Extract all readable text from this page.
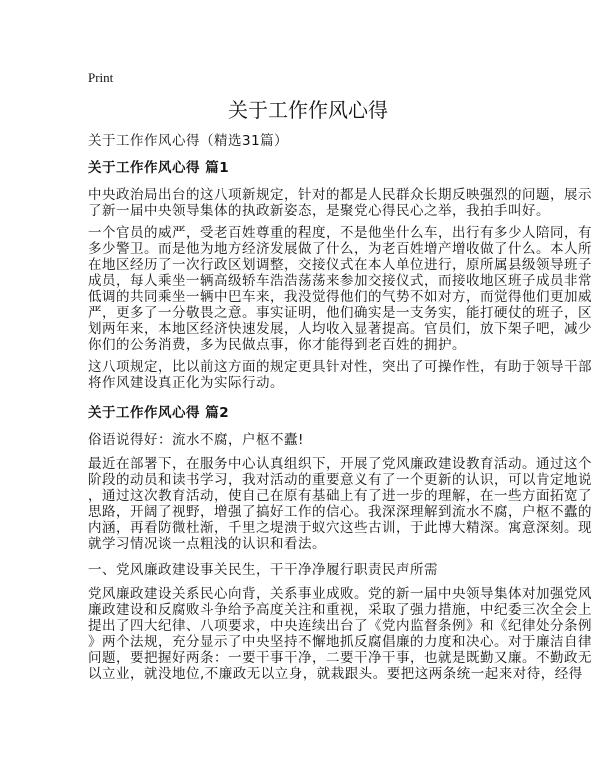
Print
关于工作作风心得
关于工作作风心得（精选31篇）
关于工作作风心得 篇1
中央政治局出台的这八项新规定，针对的都是人民群众长期反映强烈的问题，展示
了新一届中央领导集体的执政新姿态，是聚党心得民心之举，我拍手叫好。
一个官员的威严，受老百姓尊重的程度，不是他坐什么车，出行有多少人陪同，有
多少警卫。而是他为地方经济发展做了什么，为老百姓增产增收做了什么。本人所
在地区经历了一次行政区划调整，交接仪式在本人单位进行，原所属县级领导班子
成员，每人乘坐一辆高级轿车浩浩荡荡来参加交接仪式，而接收地区班子成员非常
低调的共同乘坐一辆中巴车来，我没觉得他们的气势不如对方，而觉得他们更加威
严，更多了一分敬畏之意。事实证明，他们确实是一支务实，能打硬仗的班子，区
划两年来，本地区经济快速发展，人均收入显著提高。官员们，放下架子吧，减少
你们的公务消费，多为民做点事，你才能得到老百姓的拥护。
这八项规定，比以前这方面的规定更具针对性，突出了可操作性，有助于领导干部
将作风建设真正化为实际行动。
关于工作作风心得 篇2
俗语说得好：流水不腐，户枢不蠹!
最近在部署下，在服务中心认真组织下，开展了党风廉政建设教育活动。通过这个
阶段的动员和读书学习，我对活动的重要意义有了一个更新的认识，可以肯定地说
，通过这次教育活动，使自己在原有基础上有了进一步的理解，在一些方面拓宽了
思路，开阔了视野，增强了搞好工作的信心。我深深理解到流水不腐，户枢不蠹的
内涵，再看防微杜渐，千里之堤溃于蚁穴这些古训，于此博大精深。寓意深刻。现
就学习情况谈一点粗浅的认识和看法。
一、党风廉政建设事关民生，干干净净履行职责民声所需
党风廉政建设关系民心向背，关系事业成败。党的新一届中央领导集体对加强党风
廉政建设和反腐败斗争给予高度关注和重视，采取了强力措施，中纪委三次全会上
提出了四大纪律、八项要求，中央连续出台了《党内监督条例》和《纪律处分条例
》两个法规，充分显示了中央坚持不懈地抓反腐倡廉的力度和决心。对于廉洁自律
问题，要把握好两条：一要干事干净，二要干净干事，也就是既勤又廉。不勤政无
以立业，就没地位,不廉政无以立身，就栽跟头。要把这两条统一起来对待，经得
